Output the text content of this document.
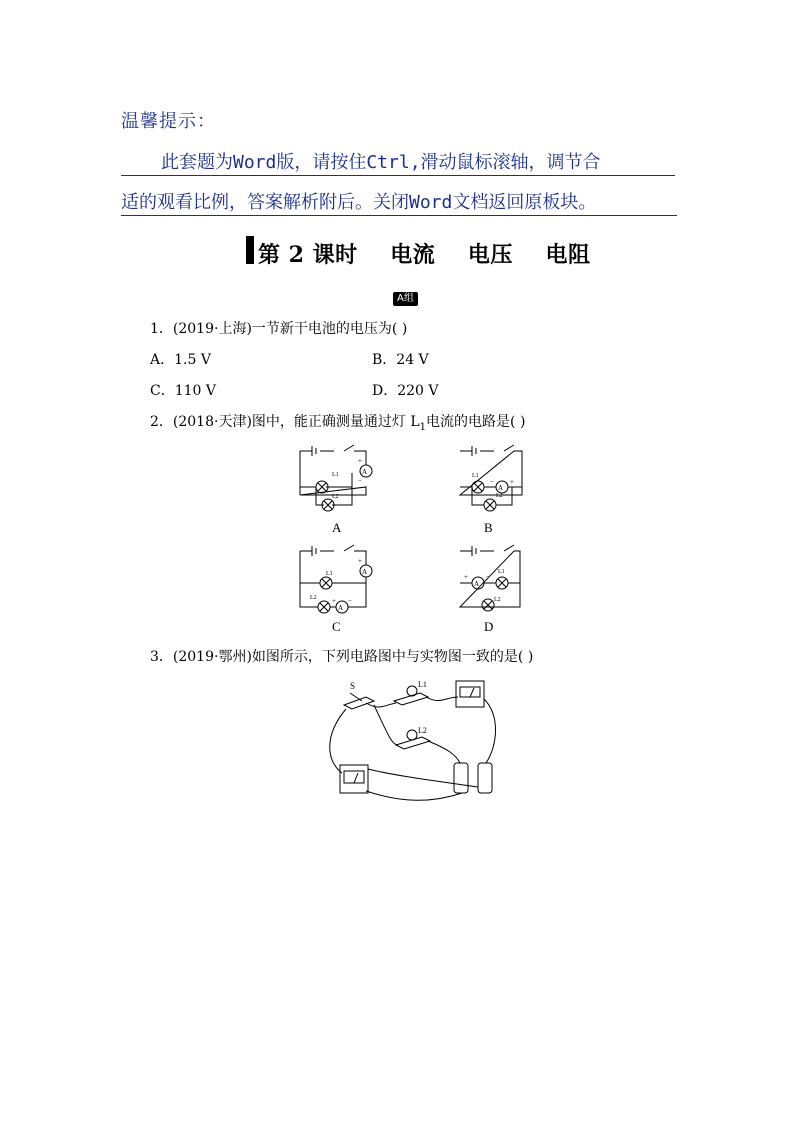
温馨提示：
此套题为Word版，请按住Ctrl,滑动鼠标滚轴，调节合
适的观看比例，答案解析附后。关闭Word文档返回原板块。
第 2 课时    电流    电压    电阻
A组
1．(2019·上海)一节新干电池的电压为( )
A．1.5 V	B．24 V
C．110 V	D．220 V
2．(2018·天津)图中，能正确测量通过灯 $L_1$电流的电路是( )
A
L1
L2
+
−
A
A
L1
L2
− +
B
A
A
L1
L2
+
+ −
C
A
L1
L2
+	−
D
3．(2019·鄂州)如图所示，下列电路图中与实物图一致的是( )
S	L1
L2
